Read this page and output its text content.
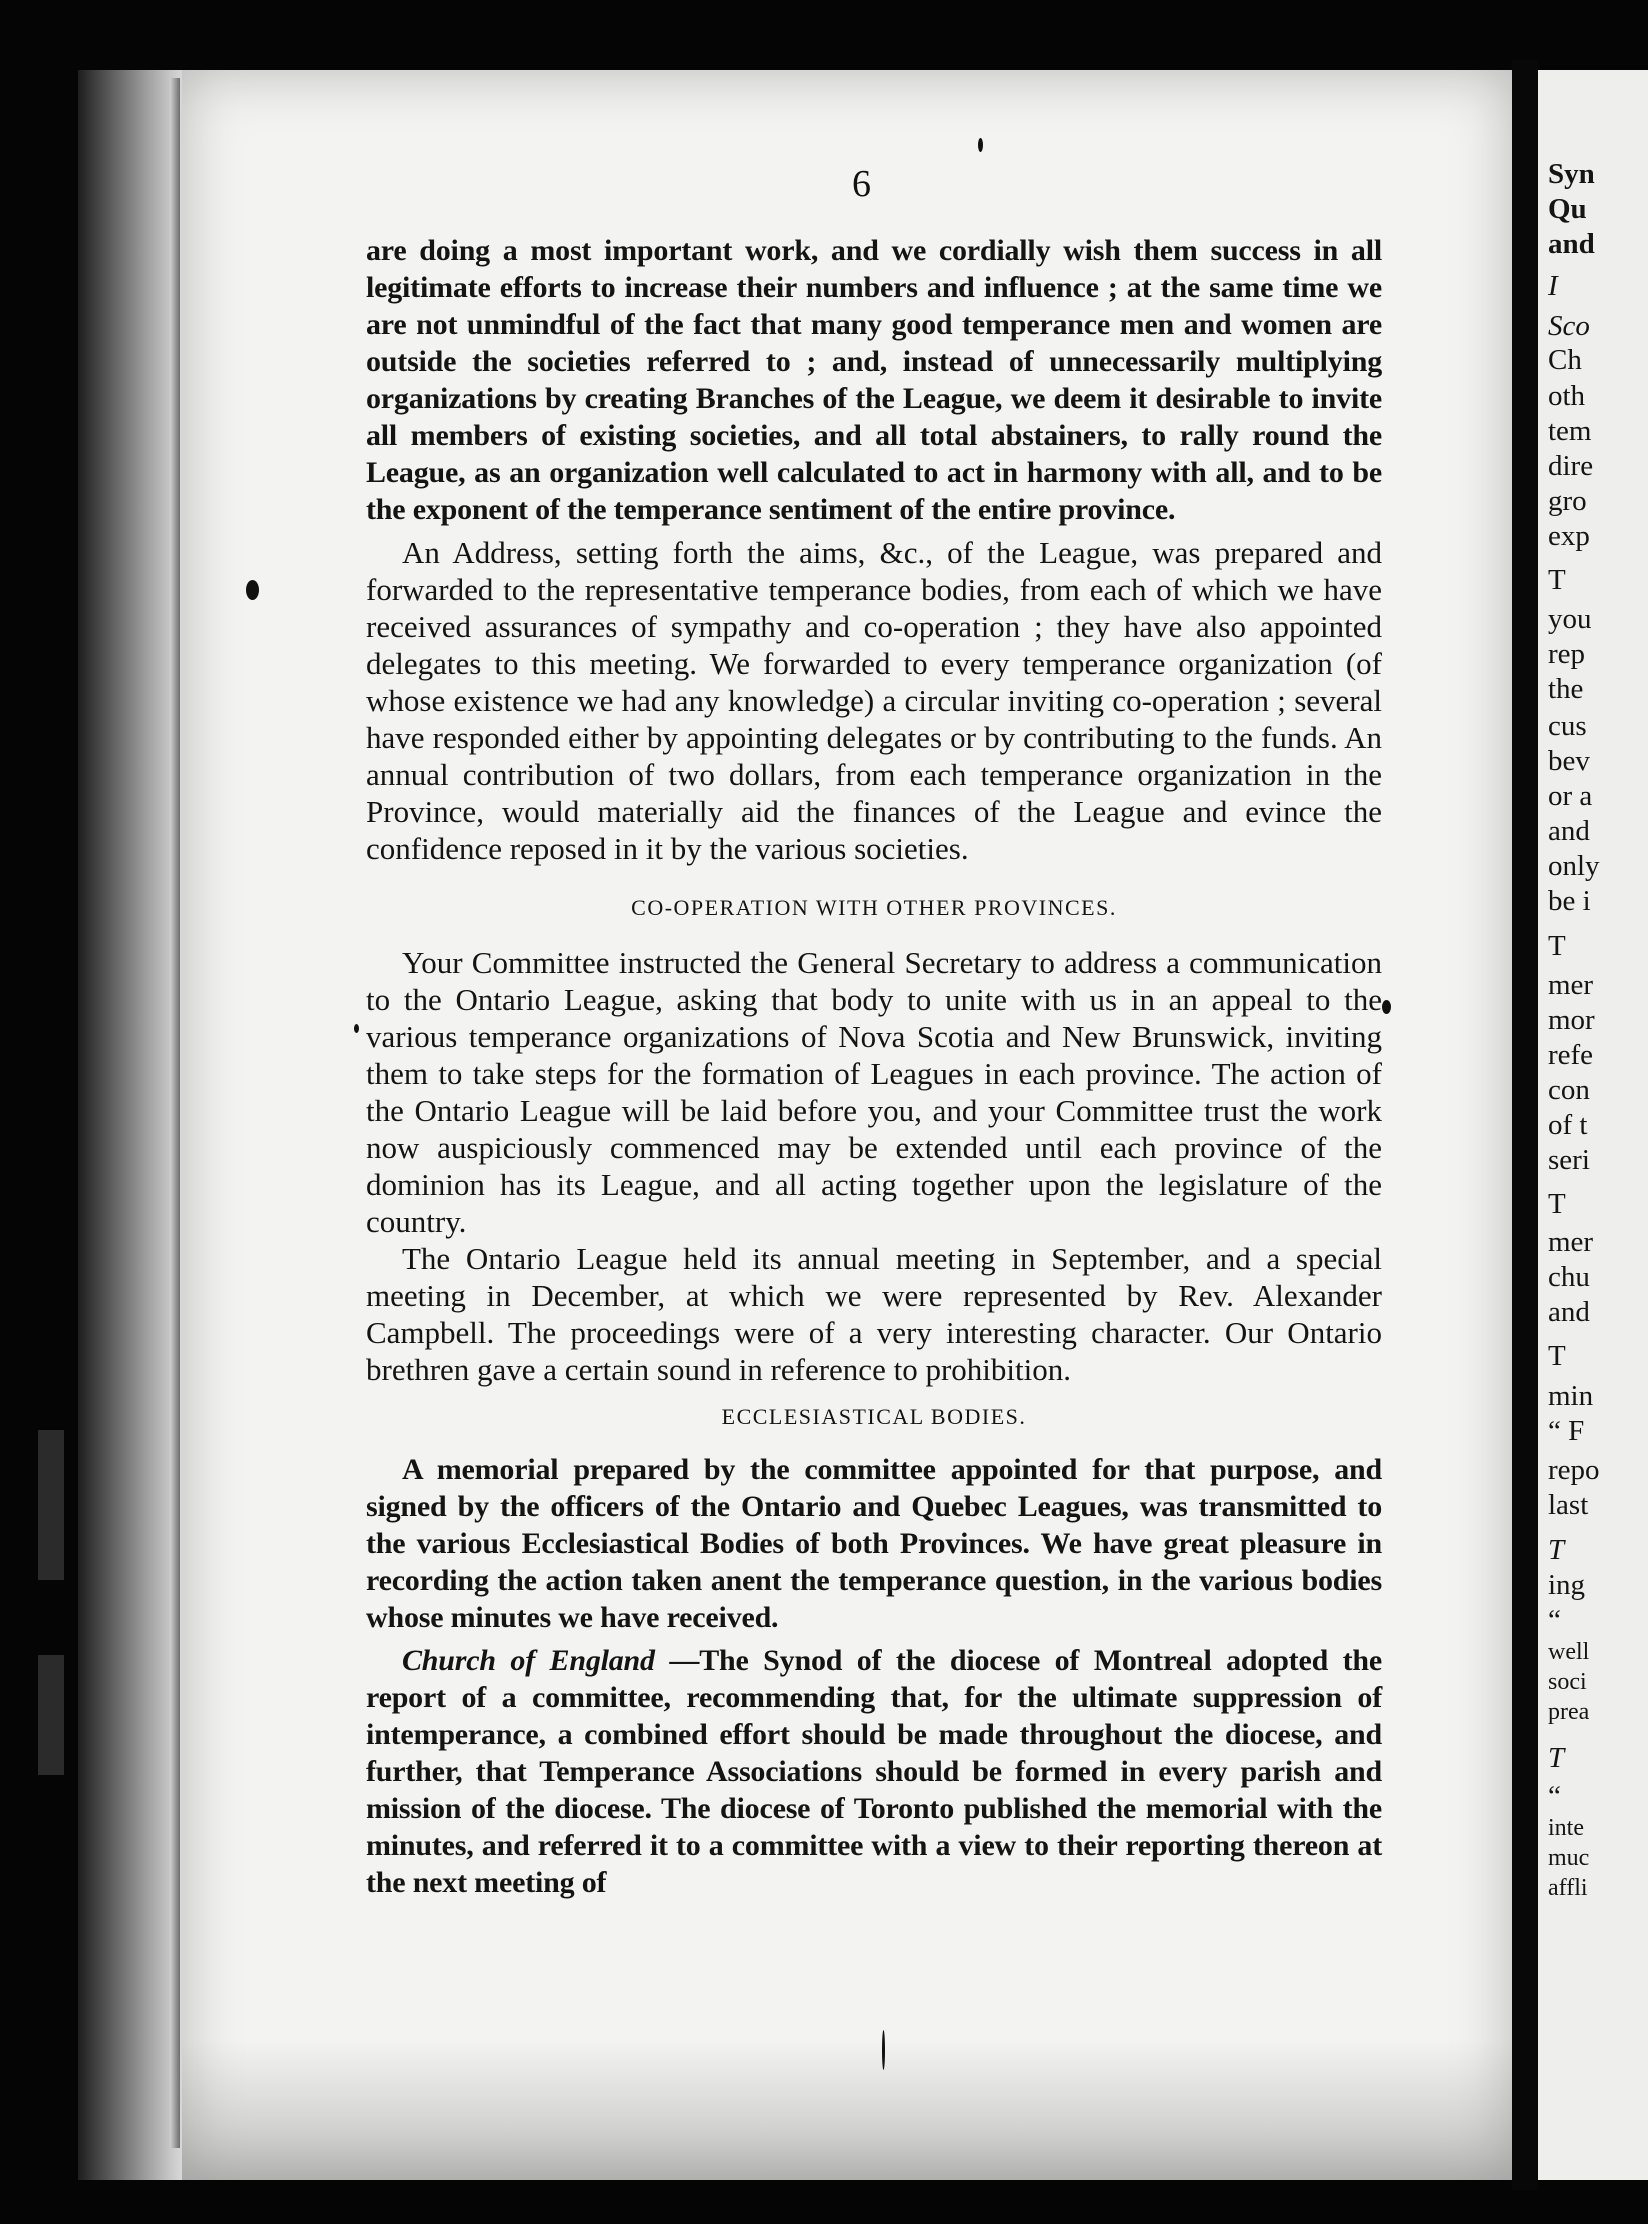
6

are doing a most important work, and we cordially wish them success in all legitimate efforts to increase their numbers and influence ; at the same time we are not unmindful of the fact that many good temperance men and women are outside the societies referred to ; and, instead of unnecessarily multiplying organizations by creating Branches of the League, we deem it desirable to invite all members of existing societies, and all total abstainers, to rally round the League, as an organization well calculated to act in harmony with all, and to be the exponent of the temperance sentiment of the entire province.

An Address, setting forth the aims, &c., of the League, was prepared and forwarded to the representative temperance bodies, from each of which we have received assurances of sympathy and co-operation ; they have also appointed delegates to this meeting. We forwarded to every temperance organization (of whose existence we had any knowledge) a circular inviting co-operation ; several have responded either by appointing delegates or by contributing to the funds. An annual contribution of two dollars, from each temperance organization in the Province, would materially aid the finances of the League and evince the confidence reposed in it by the various societies.

CO-OPERATION WITH OTHER PROVINCES.

Your Committee instructed the General Secretary to address a communication to the Ontario League, asking that body to unite with us in an appeal to the various temperance organizations of Nova Scotia and New Brunswick, inviting them to take steps for the formation of Leagues in each province. The action of the Ontario League will be laid before you, and your Committee trust the work now auspiciously commenced may be extended until each province of the dominion has its League, and all acting together upon the legislature of the country.

The Ontario League held its annual meeting in September, and a special meeting in December, at which we were represented by Rev. Alexander Campbell. The proceedings were of a very interesting character. Our Ontario brethren gave a certain sound in reference to prohibition.

ECCLESIASTICAL BODIES.

A memorial prepared by the committee appointed for that purpose, and signed by the officers of the Ontario and Quebec Leagues, was transmitted to the various Ecclesiastical Bodies of both Provinces. We have great pleasure in recording the action taken anent the temperance question, in the various bodies whose minutes we have received.

Church of England —The Synod of the diocese of Montreal adopted the report of a committee, recommending that, for the ultimate suppression of intemperance, a combined effort should be made throughout the diocese, and further, that Temperance Associations should be formed in every parish and mission of the diocese. The diocese of Toronto published the memorial with the minutes, and referred it to a committee with a view to their reporting thereon at the next meeting of

Syn
Qu
and
I
Sco
Ch
oth
tem
dire
gro
exp
T
you
rep
the
cus
bev
or a
and
only
be i
T
mer
mor
refe
con
of t
seri
T
mer
chu
and
T
min
“ F
repo
last
T
ing
“
well
soci
prea
T
“
inte
muc
affli
